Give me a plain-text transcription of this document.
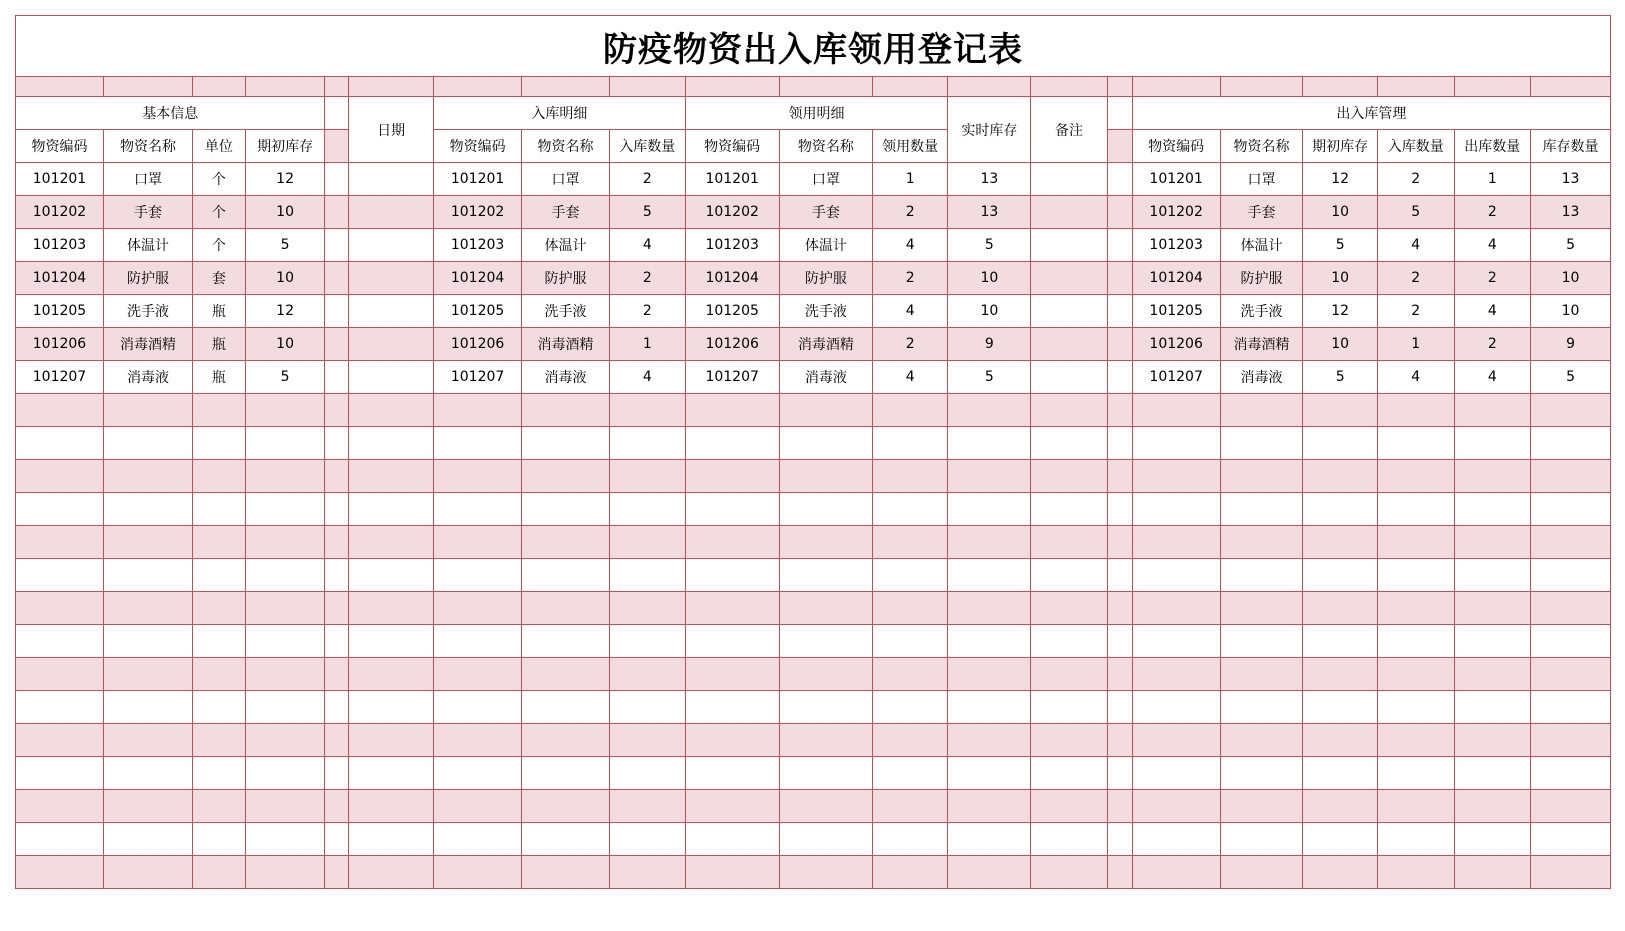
防疫物资出入库领用登记表																				

基本信息					日期	入库明细			领用明细			实时库存	备注		出入库管理					
物资编码	物资名称	单位	期初库存			物资编码	物资名称	入库数量	物资编码	物资名称	领用数量				物资编码	物资名称	期初库存	入库数量	出库数量	库存数量
101201	口罩	个	12			101201	口罩	2	101201	口罩	1	13			101201	口罩	12	2	1	13
101202	手套	个	10			101202	手套	5	101202	手套	2	13			101202	手套	10	5	2	13
101203	体温计	个	5			101203	体温计	4	101203	体温计	4	5			101203	体温计	5	4	4	5
101204	防护服	套	10			101204	防护服	2	101204	防护服	2	10			101204	防护服	10	2	2	10
101205	洗手液	瓶	12			101205	洗手液	2	101205	洗手液	4	10			101205	洗手液	12	2	4	10
101206	消毒酒精	瓶	10			101206	消毒酒精	1	101206	消毒酒精	2	9			101206	消毒酒精	10	1	2	9
101207	消毒液	瓶	5			101207	消毒液	4	101207	消毒液	4	5			101207	消毒液	5	4	4	5
